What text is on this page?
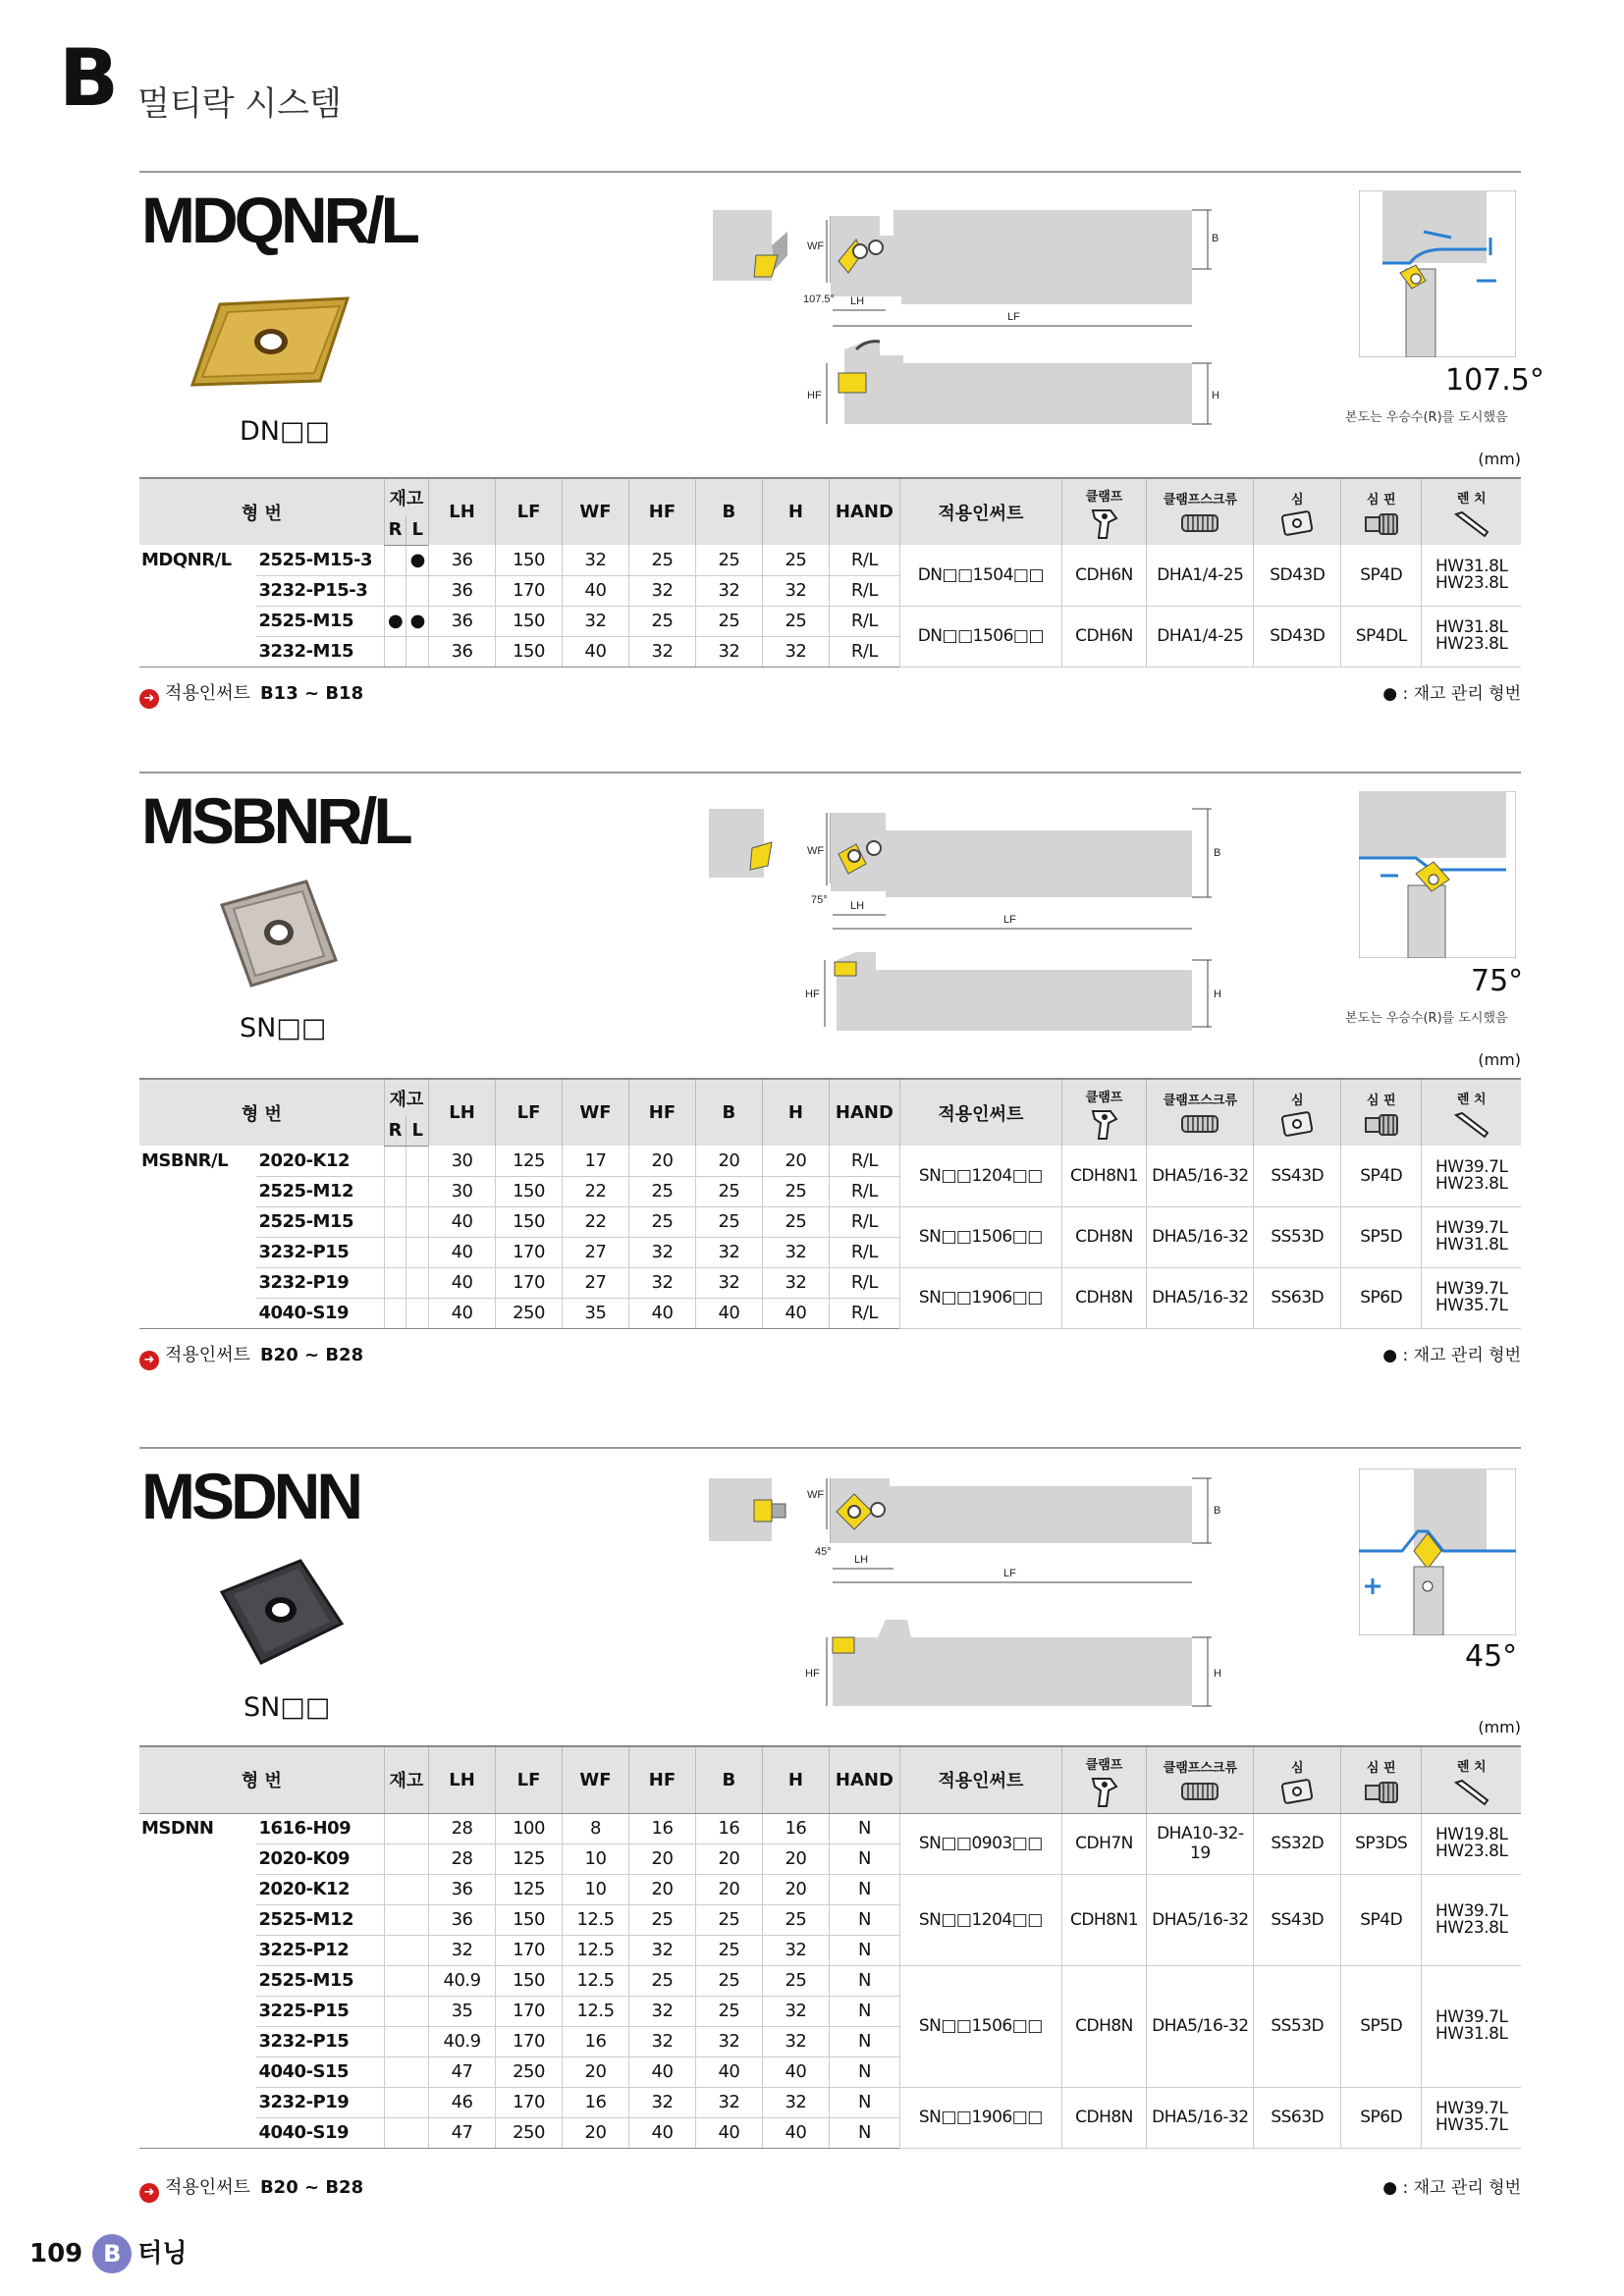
B 멀티락 시스템
MDQNR/L
DN□□
B
WF
107.5° LH
LF
HF	H	107.5°
본도는 우승수(R)를 도시했음
(mm)
형 번		재고		LH	LF	WF	HF	B	H	HAND	적용인써트	클램프	클램프스크류	심	심 핀	렌 치

		R	L													
MDQNR/L	2525-M15-3		●	36	150	32	25	25	25	R/L	DN□□1504□□	CDH6N	DHA1/4-25	SD43D	SP4D	HW31.8L
HW23.8L

	3232-P15-3			36	170	40	32	32	32	R/L						
	2525-M15	●	●	36	150	32	25	25	25	R/L	DN□□1506□□	CDH6N	DHA1/4-25	SD43D	SP4DL	HW31.8L
HW23.8L

	3232-M15			36	150	40	32	32	32	R/L						
➜ 적용인써트 B13 ~ B18	● : 재고 관리 형번
MSBNR/L
SN□□
B
WF
75° LH
LF
HF	H	75°
본도는 우승수(R)를 도시했음
(mm)
형 번		재고		LH	LF	WF	HF	B	H	HAND	적용인써트	클램프	클램프스크류	심	심 핀	렌 치

		R	L													
MSBNR/L	2020-K12			30	125	17	20	20	20	R/L	SN□□1204□□	CDH8N1	DHA5/16-32	SS43D	SP4D	HW39.7L
HW23.8L

	2525-M12			30	150	22	25	25	25	R/L						
	2525-M15			40	150	22	25	25	25	R/L	SN□□1506□□	CDH8N	DHA5/16-32	SS53D	SP5D	HW39.7L
HW31.8L

	3232-P15			40	170	27	32	32	32	R/L						
	3232-P19			40	170	27	32	32	32	R/L	SN□□1906□□	CDH8N	DHA5/16-32	SS63D	SP6D	HW39.7L
HW35.7L

	4040-S19			40	250	35	40	40	40	R/L						
➜ 적용인써트 B20 ~ B28	● : 재고 관리 형번
MSDNN
SN□□
B
WF
45°
LH
LF
HF	H	45°
(mm)
형 번		재고	LH	LF	WF	HF	B	H	HAND	적용인써트	클램프	클램프스크류	심	심 핀	렌 치

MSDNN	1616-H09		28	100	8	16	16	16	N	SN□□0903□□	CDH7N	DHA10-32-19	SS32D	SP3DS	HW19.8L
HW23.8L

	2020-K09		28	125	10	20	20	20	N						
	2020-K12		36	125	10	20	20	20	N	SN□□1204□□	CDH8N1	DHA5/16-32	SS43D	SP4D	HW39.7L
HW23.8L

	2525-M12		36	150	12.5	25	25	25	N						
	3225-P12		32	170	12.5	32	25	32	N						
	2525-M15		40.9	150	12.5	25	25	25	N	SN□□1506□□	CDH8N	DHA5/16-32	SS53D	SP5D	HW39.7L
HW31.8L

	3225-P15		35	170	12.5	32	25	32	N						
	3232-P15		40.9	170	16	32	32	32	N						
	4040-S15		47	250	20	40	40	40	N						
	3232-P19		46	170	16	32	32	32	N	SN□□1906□□	CDH8N	DHA5/16-32	SS63D	SP6D	HW39.7L
HW35.7L

	4040-S19		47	250	20	40	40	40	N						
➜ 적용인써트 B20 ~ B28	● : 재고 관리 형번
109 B 터닝
